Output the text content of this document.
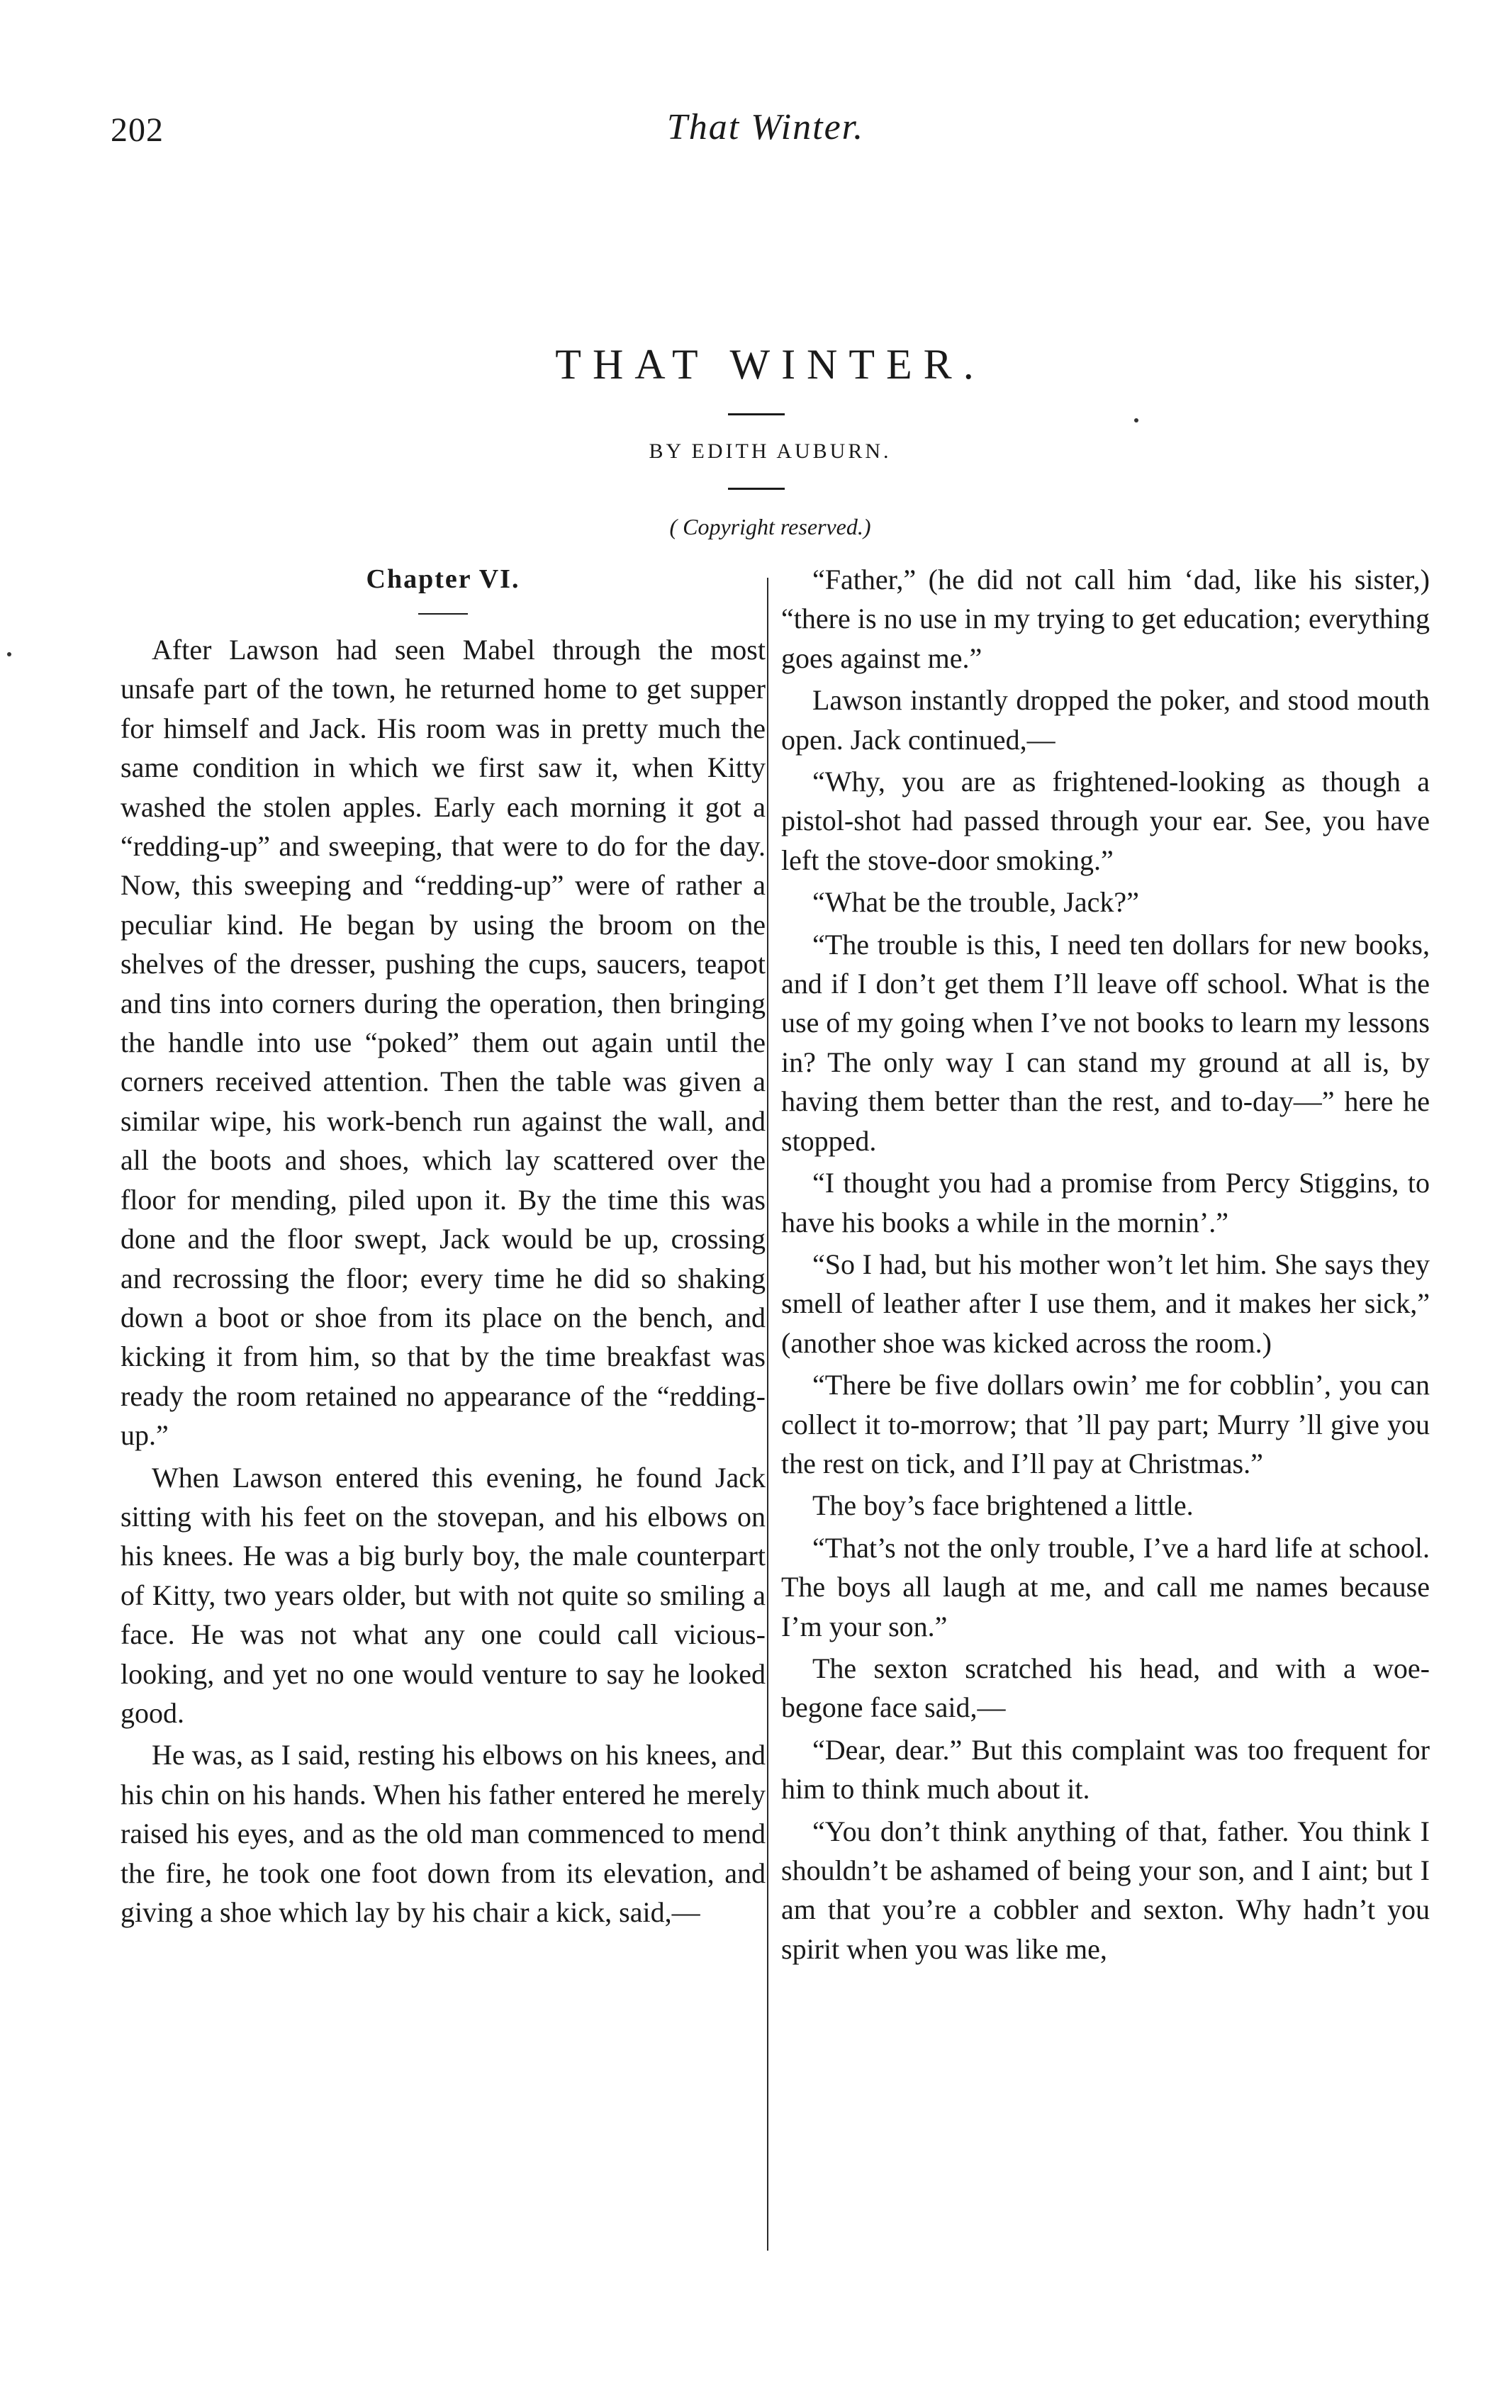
202	That Winter.
THAT WINTER.

BY EDITH AUBURN.

( Copyright reserved.)

Chapter VI.

After Lawson had seen Mabel through the most unsafe part of the town, he returned home to get supper for himself and Jack. His room was in pretty much the same condition in which we first saw it, when Kitty washed the stolen apples. Early each morning it got a “redding-up” and sweeping, that were to do for the day. Now, this sweeping and “redding-up” were of rather a peculiar kind. He began by using the broom on the shelves of the dresser, pushing the cups, saucers, teapot and tins into corners during the operation, then bringing the handle into use “poked” them out again until the corners received attention. Then the table was given a similar wipe, his work-bench run against the wall, and all the boots and shoes, which lay scattered over the floor for mending, piled upon it. By the time this was done and the floor swept, Jack would be up, crossing and recrossing the floor; every time he did so shaking down a boot or shoe from its place on the bench, and kicking it from him, so that by the time breakfast was ready the room retained no appearance of the “redding-up.”

When Lawson entered this evening, he found Jack sitting with his feet on the stovepan, and his elbows on his knees. He was a big burly boy, the male counterpart of Kitty, two years older, but with not quite so smiling a face. He was not what any one could call vicious-looking, and yet no one would venture to say he looked good.

He was, as I said, resting his elbows on his knees, and his chin on his hands. When his father entered he merely raised his eyes, and as the old man commenced to mend the fire, he took one foot down from its elevation, and giving a shoe which lay by his chair a kick, said,—

“Father,” (he did not call him ‘dad, like his sister,) “there is no use in my trying to get education; everything goes against me.”

Lawson instantly dropped the poker, and stood mouth open. Jack continued,—

“Why, you are as frightened-looking as though a pistol-shot had passed through your ear. See, you have left the stove-door smoking.”

“What be the trouble, Jack?”

“The trouble is this, I need ten dollars for new books, and if I don’t get them I’ll leave off school. What is the use of my going when I’ve not books to learn my lessons in? The only way I can stand my ground at all is, by having them better than the rest, and to-day—” here he stopped.

“I thought you had a promise from Percy Stiggins, to have his books a while in the mornin’.”

“So I had, but his mother won’t let him. She says they smell of leather after I use them, and it makes her sick,” (another shoe was kicked across the room.)

“There be five dollars owin’ me for cobblin’, you can collect it to-morrow; that ’ll pay part; Murry ’ll give you the rest on tick, and I’ll pay at Christmas.”

The boy’s face brightened a little.

“That’s not the only trouble, I’ve a hard life at school. The boys all laugh at me, and call me names because I’m your son.”

The sexton scratched his head, and with a woe-begone face said,—

“Dear, dear.” But this complaint was too frequent for him to think much about it.

“You don’t think anything of that, father. You think I shouldn’t be ashamed of being your son, and I aint; but I am that you’re a cobbler and sexton. Why hadn’t you spirit when you was like me,
